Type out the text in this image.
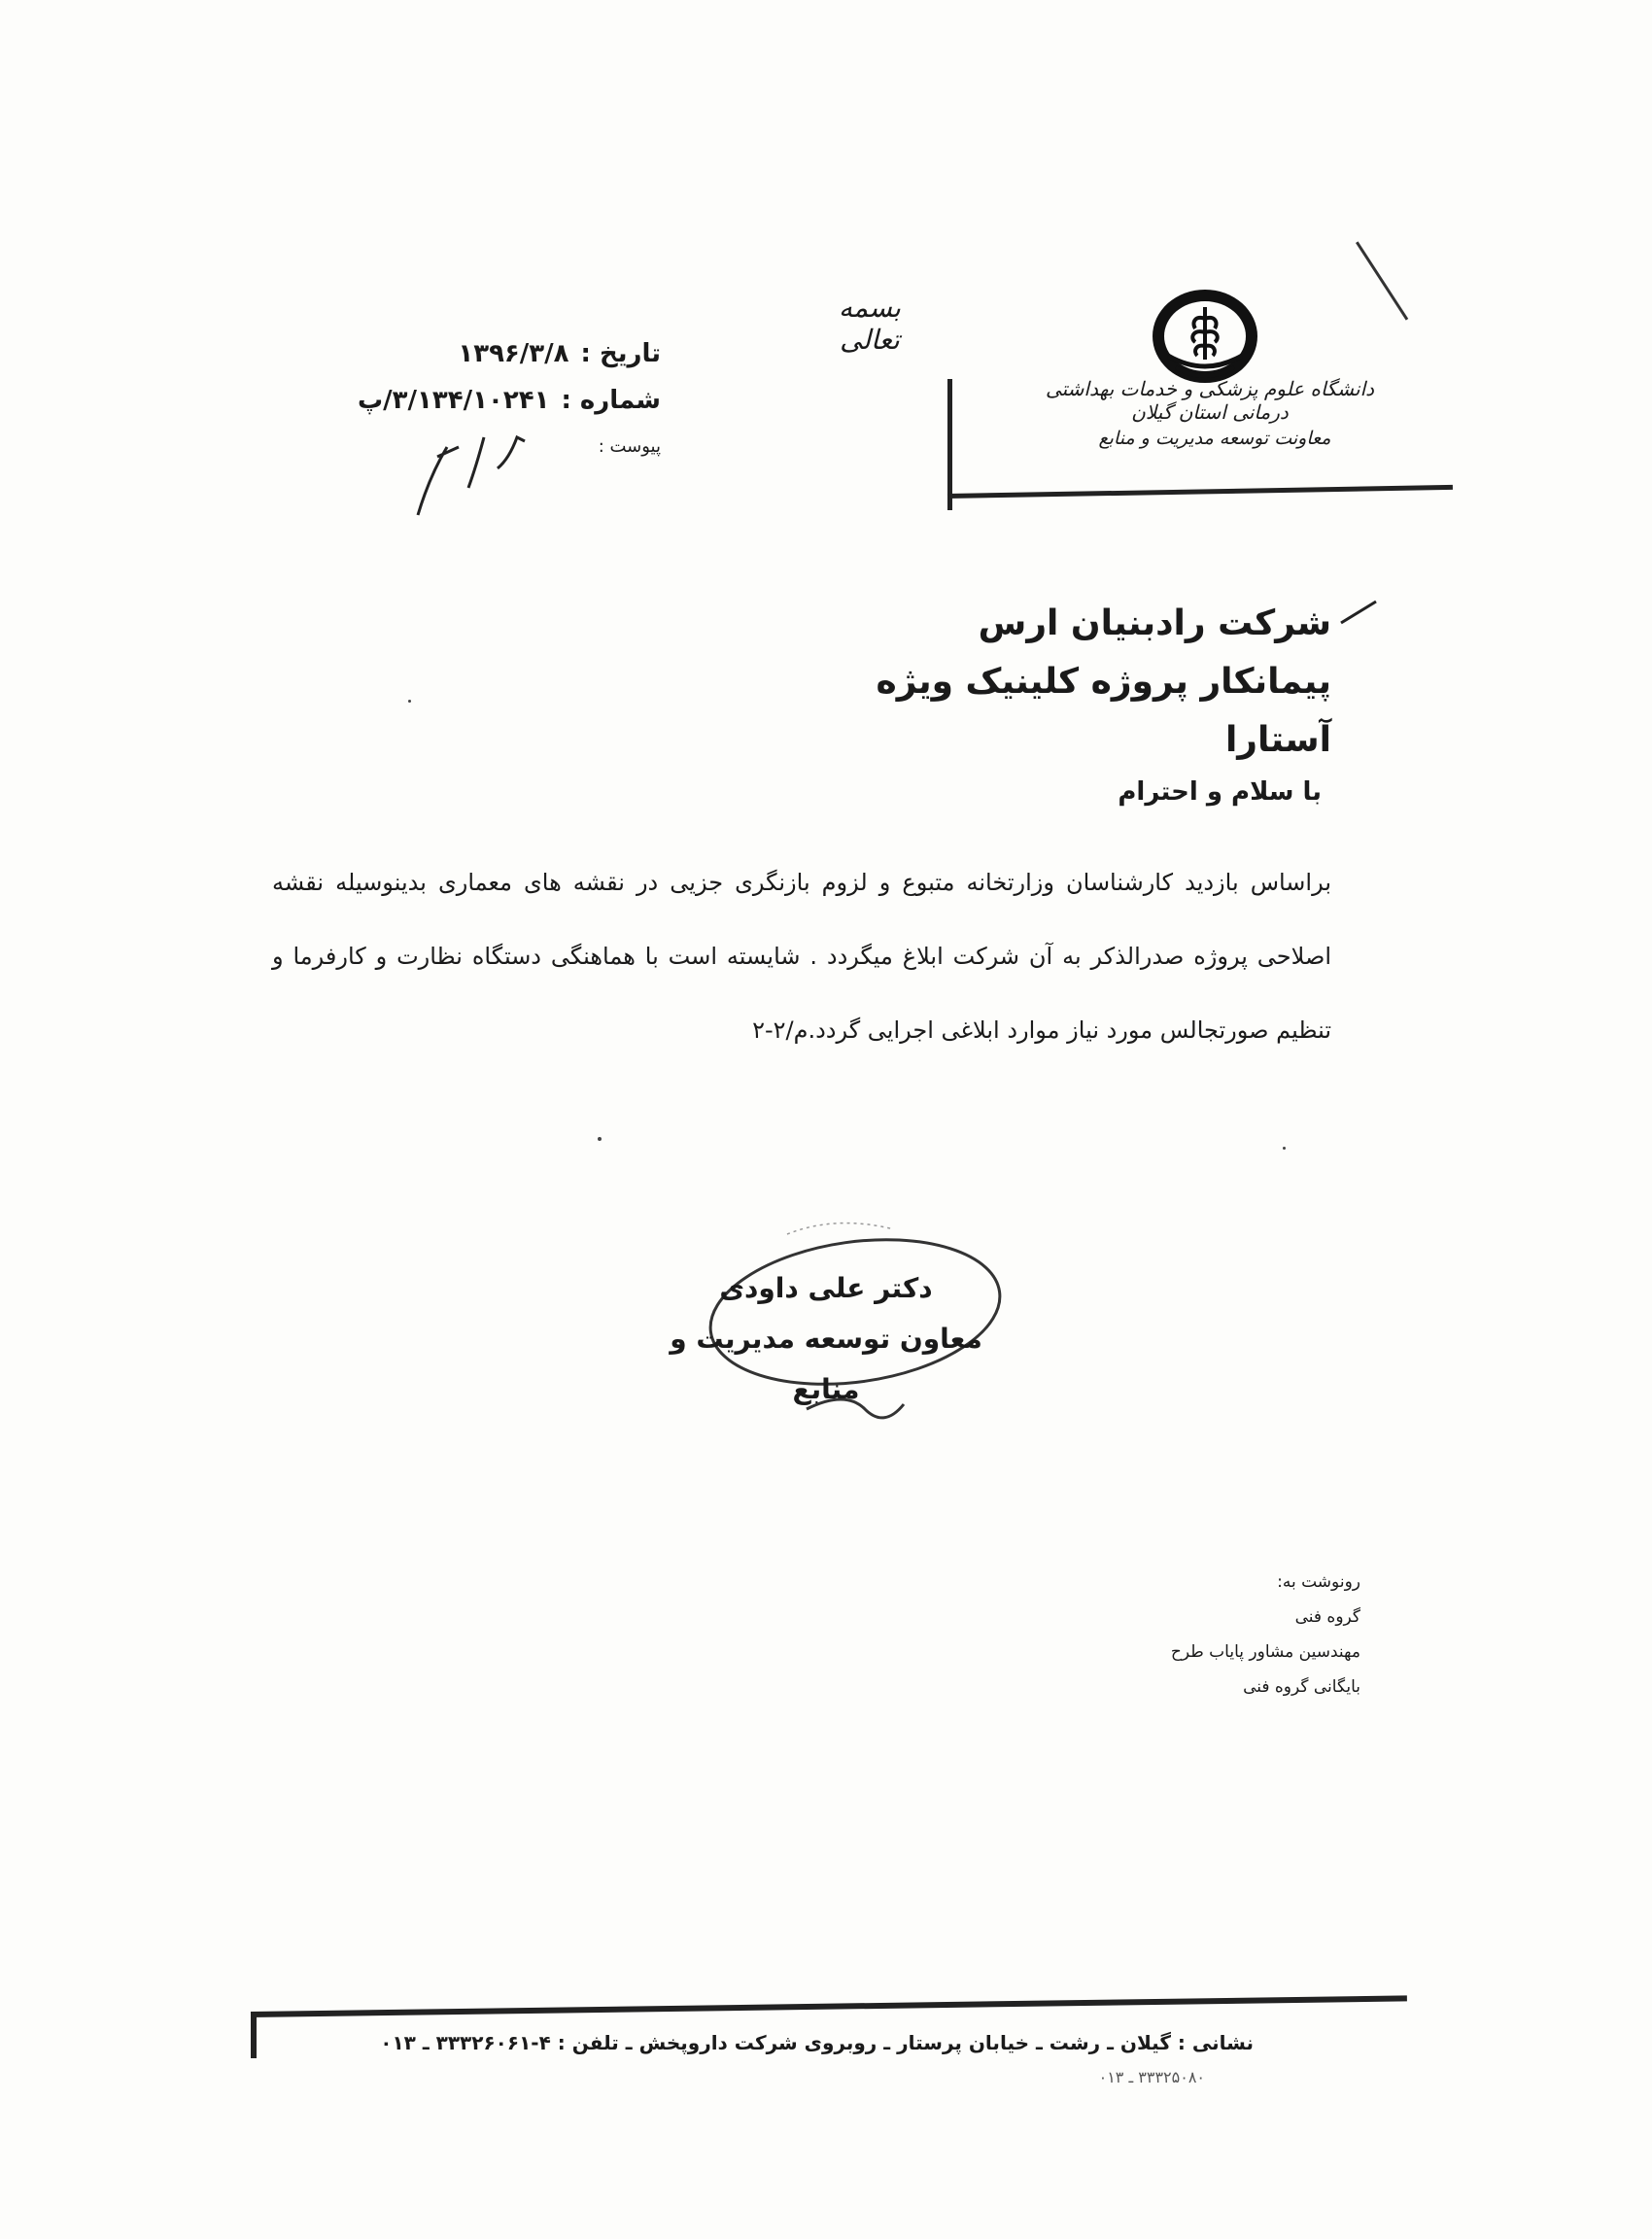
بسمه تعالی
دانشگاه علوم پزشکی و خدمات بهداشتی درمانی استان گیلان
معاونت توسعه مدیریت و منابع
تاریخ :
۱۳۹۶/۳/۸
شماره :
۳/۱۳۴/۱۰۲۴۱/پ
پیوست :
شرکت رادبنیان ارس
پیمانکار پروژه کلینیک ویژه آستارا
با سلام و احترام

براساس بازدید کارشناسان وزارتخانه متبوع و لزوم بازنگری جزیی در نقشه های معماری بدینوسیله نقشه اصلاحی پروژه صدرالذکر به آن شرکت ابلاغ میگردد . شایسته است با هماهنگی دستگاه نظارت و کارفرما و تنظیم صورتجالس مورد نیاز موارد ابلاغی اجرایی گردد.م/۲-۲

دکتر علی داودی
معاون توسعه مدیریت و منابع
رونوشت به:
گروه فنی
مهندسین مشاور پایاب طرح
بایگانی گروه فنی
نشانی : گیلان ـ رشت ـ خیابان پرستار ـ روبروی شرکت داروپخش ـ تلفن : ۴-۳۳۳۲۶۰۶۱ ـ ۰۱۳
۳۳۳۲۵۰۸۰ ـ ۰۱۳
